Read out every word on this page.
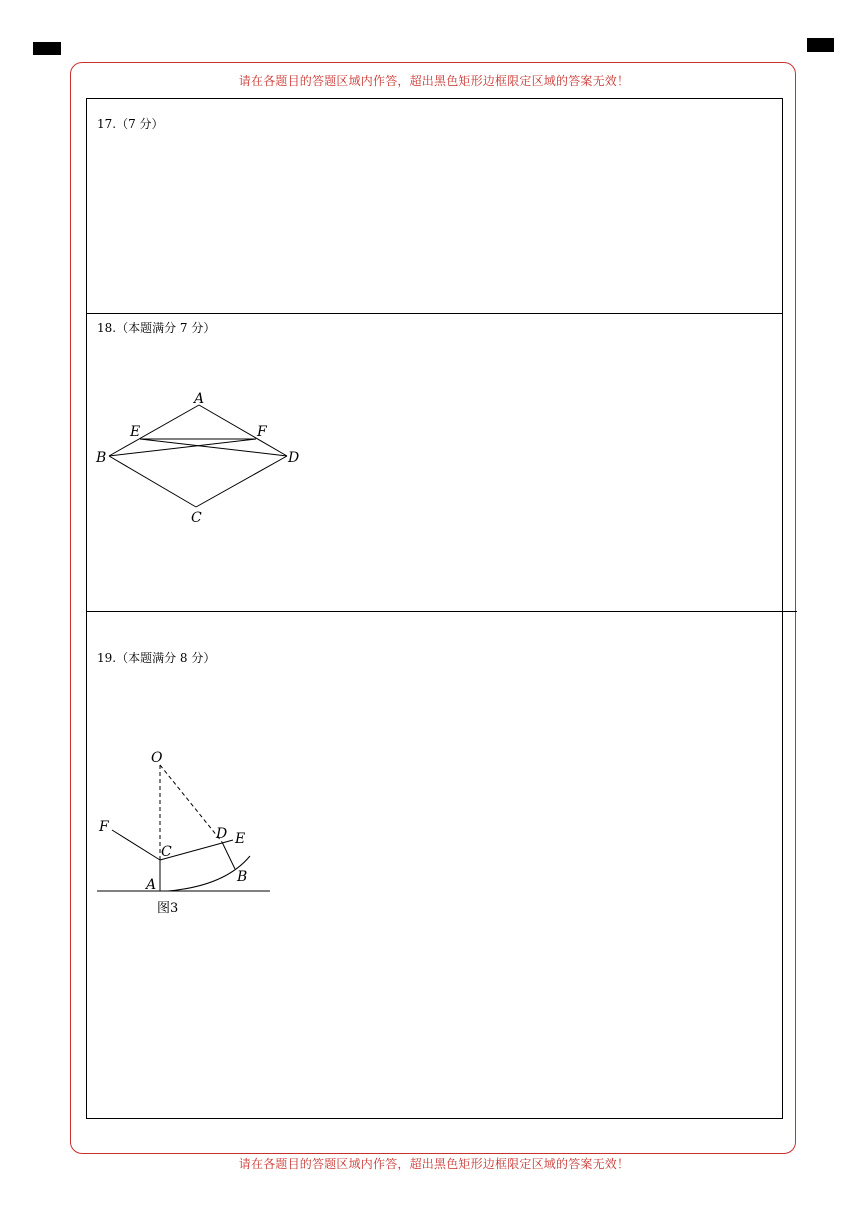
请在各题目的答题区域内作答，超出黑色矩形边框限定区域的答案无效！
请在各题目的答题区域内作答，超出黑色矩形边框限定区域的答案无效！
17.（7 分）
18.（本题满分 7 分）
A
E	F
B	D
C
19.（本题满分 8 分）
O
F
C
D E
A	B
图3
